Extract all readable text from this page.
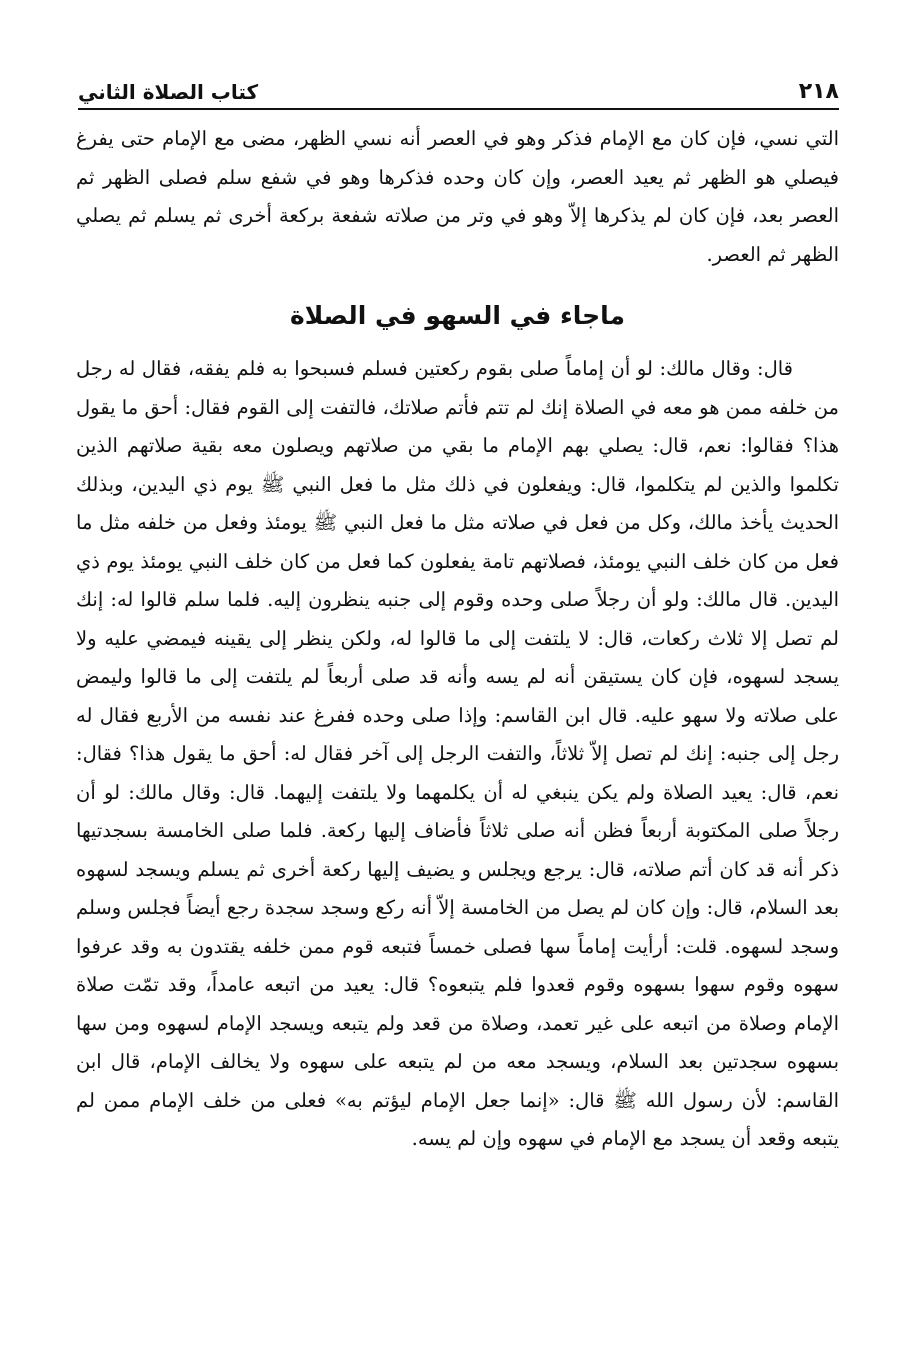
٢١٨
كتاب الصلاة الثاني

التي نسي، فإن كان مع الإمام فذكر وهو في العصر أنه نسي الظهر، مضى مع الإمام حتى يفرغ فيصلي هو الظهر ثم يعيد العصر، وإن كان وحده فذكرها وهو في شفع سلم فصلى الظهر ثم العصر بعد، فإن كان لم يذكرها إلاّ وهو في وتر من صلاته شفعة بركعة أخرى ثم يسلم ثم يصلي الظهر ثم العصر.

ماجاء في السهو في الصلاة

قال: وقال مالك: لو أن إماماً صلى بقوم ركعتين فسلم فسبحوا به فلم يفقه، فقال له رجل من خلفه ممن هو معه في الصلاة إنك لم تتم فأتم صلاتك، فالتفت إلى القوم فقال: أحق ما يقول هذا؟ فقالوا: نعم، قال: يصلي بهم الإمام ما بقي من صلاتهم ويصلون معه بقية صلاتهم الذين تكلموا والذين لم يتكلموا، قال: ويفعلون في ذلك مثل ما فعل النبي ﷺ يوم ذي اليدين، وبذلك الحديث يأخذ مالك، وكل من فعل في صلاته مثل ما فعل النبي ﷺ يومئذ وفعل من خلفه مثل ما فعل من كان خلف النبي يومئذ، فصلاتهم تامة يفعلون كما فعل من كان خلف النبي يومئذ يوم ذي اليدين. قال مالك: ولو أن رجلاً صلى وحده وقوم إلى جنبه ينظرون إليه. فلما سلم قالوا له: إنك لم تصل إلا ثلاث ركعات، قال: لا يلتفت إلى ما قالوا له، ولكن ينظر إلى يقينه فيمضي عليه ولا يسجد لسهوه، فإن كان يستيقن أنه لم يسه وأنه قد صلى أربعاً لم يلتفت إلى ما قالوا وليمض على صلاته ولا سهو عليه. قال ابن القاسم: وإذا صلى وحده ففرغ عند نفسه من الأربع فقال له رجل إلى جنبه: إنك لم تصل إلاّ ثلاثاً، والتفت الرجل إلى آخر فقال له: أحق ما يقول هذا؟ فقال: نعم، قال: يعيد الصلاة ولم يكن ينبغي له أن يكلمهما ولا يلتفت إليهما. قال: وقال مالك: لو أن رجلاً صلى المكتوبة أربعاً فظن أنه صلى ثلاثاً فأضاف إليها ركعة. فلما صلى الخامسة بسجدتيها ذكر أنه قد كان أتم صلاته، قال: يرجع ويجلس و يضيف إليها ركعة أخرى ثم يسلم ويسجد لسهوه بعد السلام، قال: وإن كان لم يصل من الخامسة إلاّ أنه ركع وسجد سجدة رجع أيضاً فجلس وسلم وسجد لسهوه. قلت: أرأيت إماماً سها فصلى خمساً فتبعه قوم ممن خلفه يقتدون به وقد عرفوا سهوه وقوم سهوا بسهوه وقوم قعدوا فلم يتبعوه؟ قال: يعيد من اتبعه عامداً، وقد تمّت صلاة الإمام وصلاة من اتبعه على غير تعمد، وصلاة من قعد ولم يتبعه ويسجد الإمام لسهوه ومن سها بسهوه سجدتين بعد السلام، ويسجد معه من لم يتبعه على سهوه ولا يخالف الإمام، قال ابن القاسم: لأن رسول الله ﷺ قال: «إنما جعل الإمام ليؤتم به» فعلى من خلف الإمام ممن لم يتبعه وقعد أن يسجد مع الإمام في سهوه وإن لم يسه.
